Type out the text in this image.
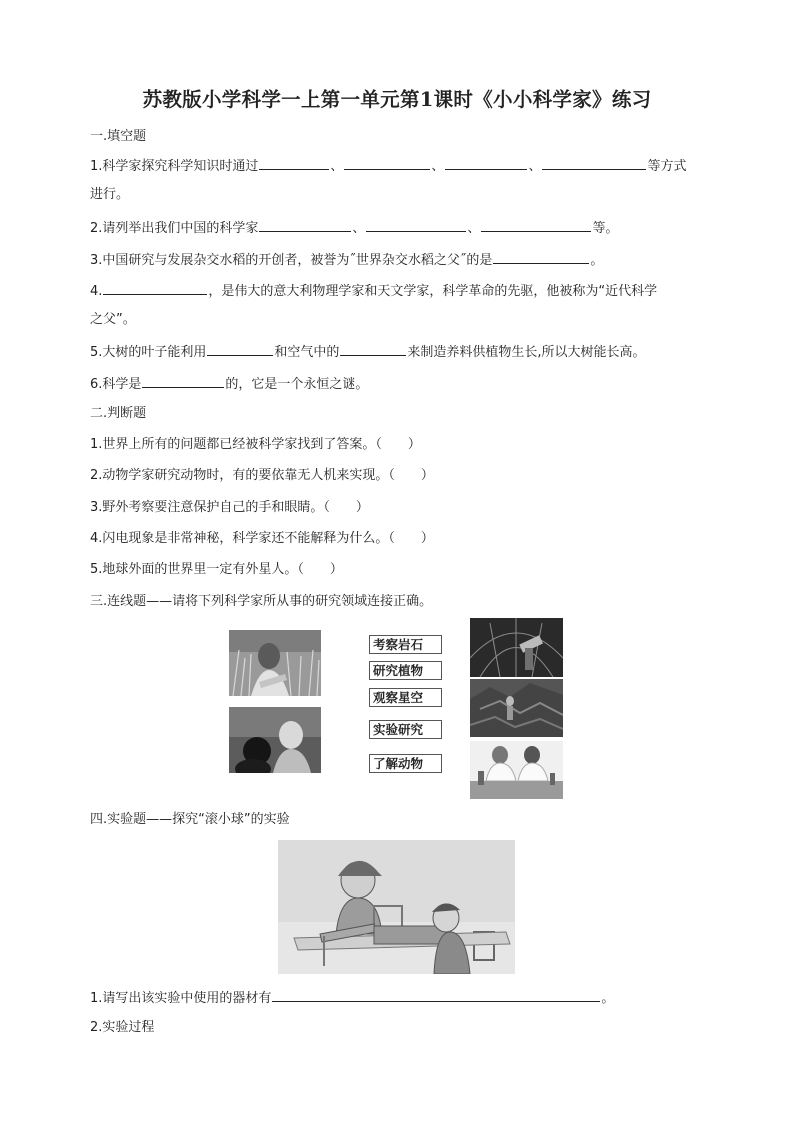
苏教版小学科学一上第一单元第1课时《小小科学家》练习
一.填空题
1.科学家探究科学知识时通过	、	、	、	等方式
进行。
2.请列举出我们中国的科学家	、	、	等。
3.中国研究与发展杂交水稻的开创者，被誉为˝世界杂交水稻之父˝的是	。
4.	，是伟大的意大利物理学家和天文学家，科学革命的先驱，他被称为“近代科学
之父”。
5.大树的叶子能利用	和空气中的	来制造养料供植物生长,所以大树能长高。
6.科学是	的，它是一个永恒之谜。
二.判断题
1.世界上所有的问题都已经被科学家找到了答案。（　　）
2.动物学家研究动物时，有的要依靠无人机来实现。（　　）
3.野外考察要注意保护自己的手和眼睛。（　　）
4.闪电现象是非常神秘，科学家还不能解释为什么。（　　）
5.地球外面的世界里一定有外星人。（　　）
三.连线题——请将下列科学家所从事的研究领域连接正确。
考察岩石
研究植物
观察星空
实验研究
了解动物
四.实验题——探究“滚小球”的实验
1.请写出该实验中使用的器材有	。
2.实验过程
